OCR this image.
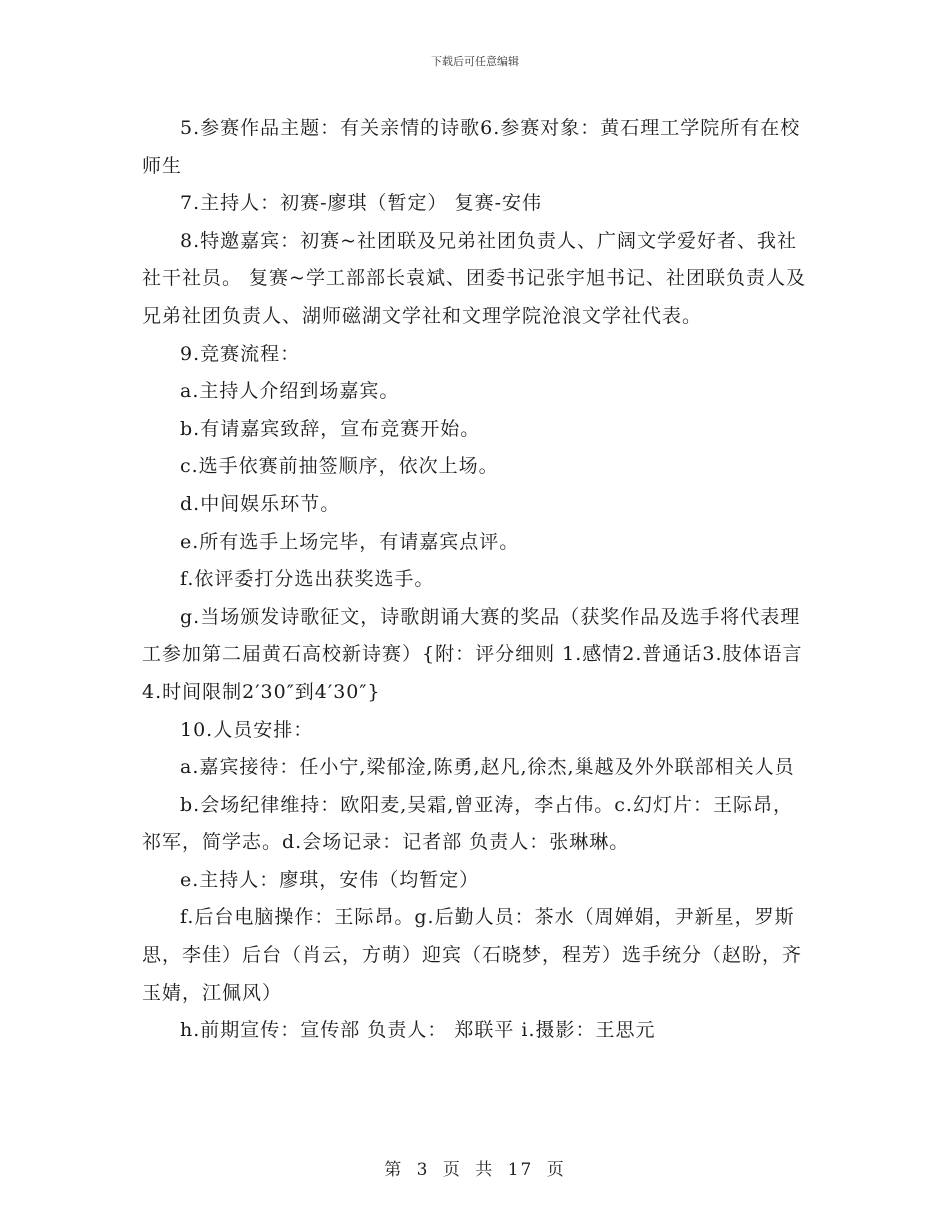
下载后可任意编辑

5.参赛作品主题：有关亲情的诗歌6.参赛对象：黄石理工学院所有在校师生

7.主持人：初赛-廖琪（暂定） 复赛-安伟

8.特邀嘉宾：初赛~社团联及兄弟社团负责人、广阔文学爱好者、我社社干社员。 复赛~学工部部长袁斌、团委书记张宇旭书记、社团联负责人及兄弟社团负责人、湖师磁湖文学社和文理学院沧浪文学社代表。

9.竞赛流程：

a.主持人介绍到场嘉宾。

b.有请嘉宾致辞，宣布竞赛开始。

c.选手依赛前抽签顺序，依次上场。

d.中间娱乐环节。

e.所有选手上场完毕，有请嘉宾点评。

f.依评委打分选出获奖选手。

g.当场颁发诗歌征文，诗歌朗诵大赛的奖品（获奖作品及选手将代表理工参加第二届黄石高校新诗赛）{附：评分细则 1.感情2.普通话3.肢体语言4.时间限制2′30″到4′30″}

10.人员安排：

a.嘉宾接待：任小宁,梁郁淦,陈勇,赵凡,徐杰,巢越及外外联部相关人员

b.会场纪律维持：欧阳麦,吴霜,曾亚涛，李占伟。c.幻灯片：王际昂，祁军，简学志。d.会场记录：记者部 负责人：张琳琳。

e.主持人：廖琪，安伟（均暂定）

f.后台电脑操作：王际昂。g.后勤人员：茶水（周婵娟，尹新星，罗斯思，李佳）后台（肖云，方萌）迎宾（石晓梦，程芳）选手统分（赵盼，齐玉婧，江佩风）

h.前期宣传：宣传部 负责人： 郑联平 i.摄影：王思元

第 3 页 共 17 页
